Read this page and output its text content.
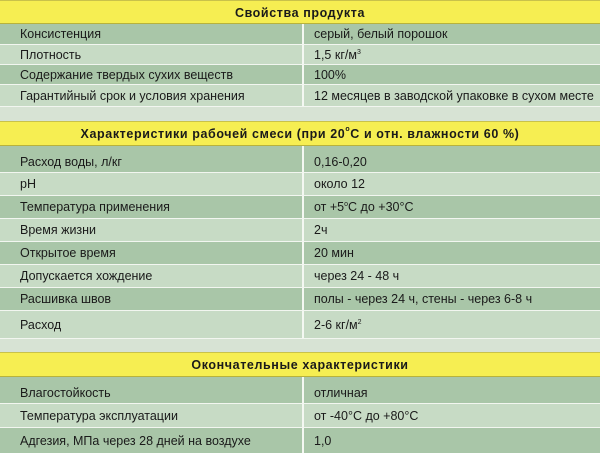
Свойства продукта
Консистенция	серый, белый порошок
Плотность	1,5 $кг/м^3$
Содержание твердых сухих веществ	100%
Гарантийный срок и условия хранения	12 месяцев в заводской упаковке в сухом месте
Характеристики рабочей смеси (при 20$^o$С и отн. влажности 60 %)
Расход воды, л/кг	0,16-0,20
pH	около 12
Температура применения	от $+5^o$ С до +30°С
Время жизни	2ч
Открытое время	20 мин
Допускается хождение	через 24 - 48 ч
Расшивка швов	полы - через 24 ч, стены - через 6-8 ч
Расход	2-6 $кг/м^2$
Окончательные характеристики
Влагостойкость	отличная
Температура эксплуатации	от -40°С до +80°С
Адгезия, МПа через 28 дней на воздухе	1,0
